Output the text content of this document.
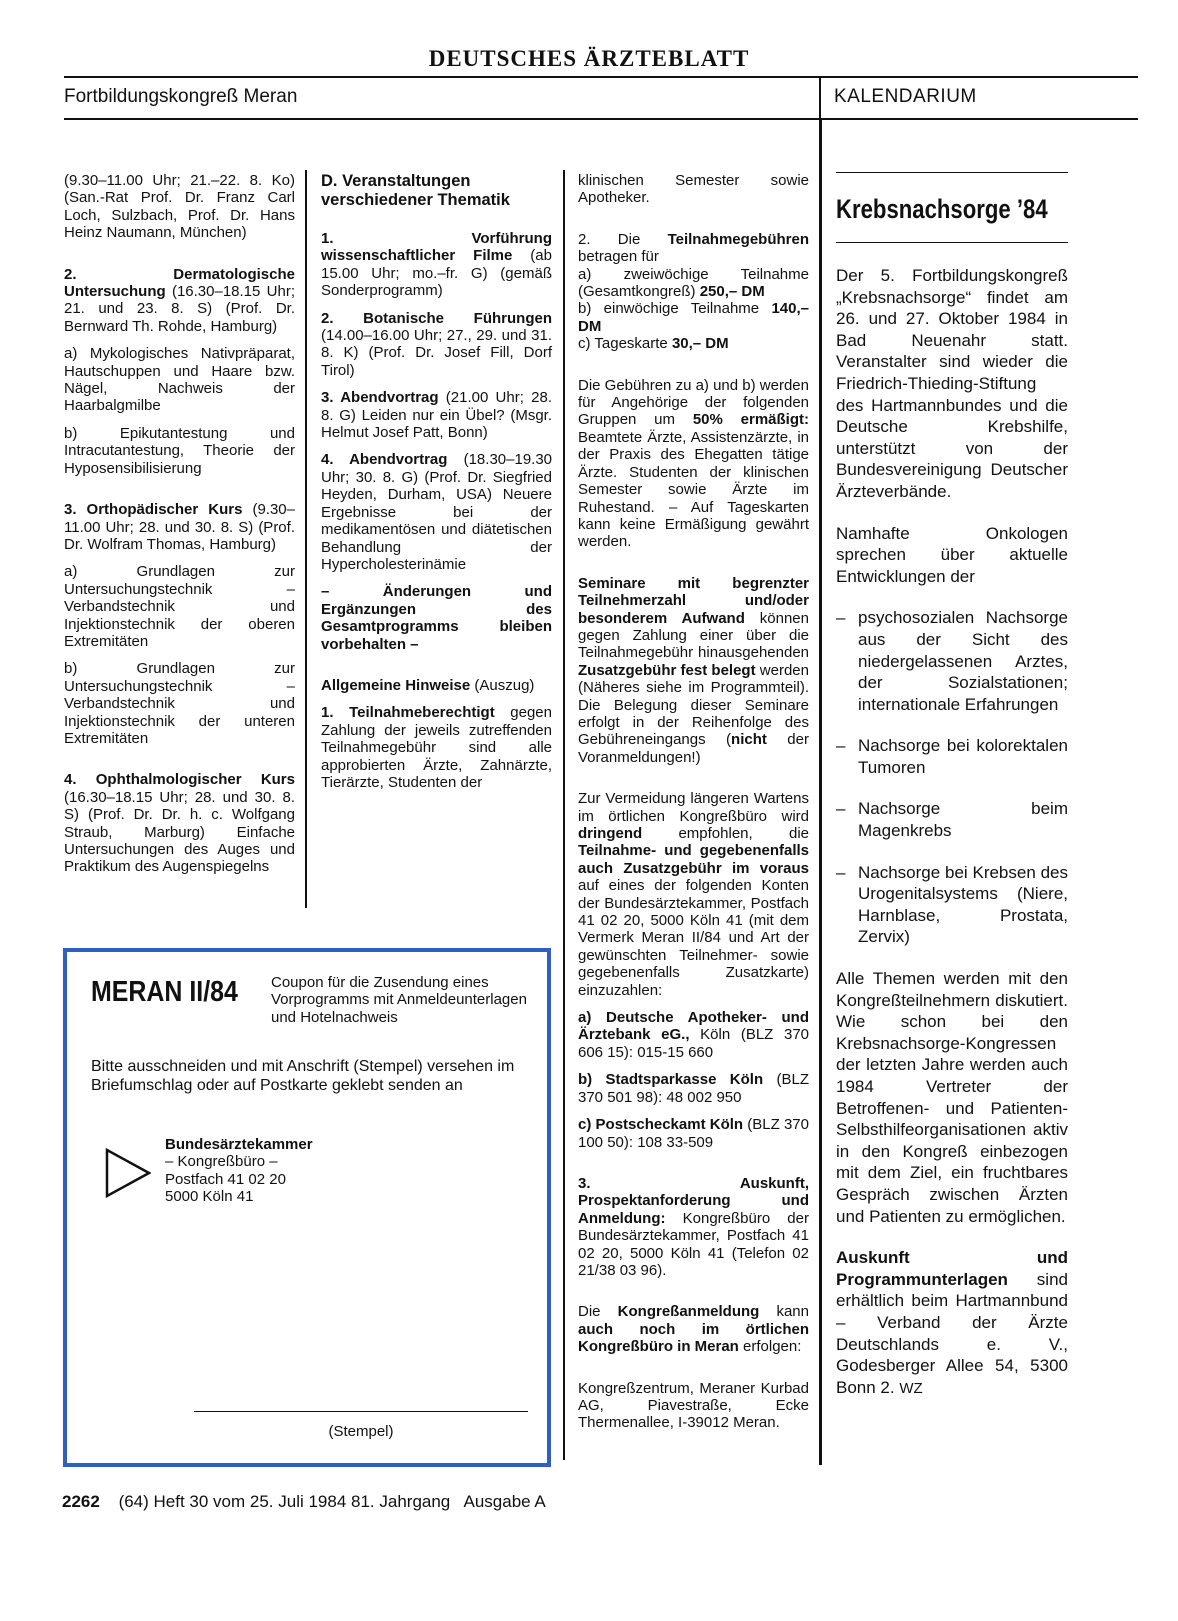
DEUTSCHES ÄRZTEBLATT
Fortbildungskongreß Meran	KALENDARIUM

(9.30–11.00 Uhr; 21.–22. 8. Ko) (San.-Rat Prof. Dr. Franz Carl Loch, Sulzbach, Prof. Dr. Hans Heinz Naumann, München)

2. Dermatologische Untersuchung (16.30–18.15 Uhr; 21. und 23. 8. S) (Prof. Dr. Bernward Th. Rohde, Hamburg)

a) Mykologisches Nativpräparat, Hautschuppen und Haare bzw. Nägel, Nachweis der Haarbalgmilbe

b) Epikutantestung und Intracutantestung, Theorie der Hyposensibilisierung

3. Orthopädischer Kurs (9.30–11.00 Uhr; 28. und 30. 8. S) (Prof. Dr. Wolfram Thomas, Hamburg)

a) Grundlagen zur Untersuchungstechnik – Verbandstechnik und Injektionstechnik der oberen Extremitäten

b) Grundlagen zur Untersuchungstechnik – Verbandstechnik und Injektionstechnik der unteren Extremitäten

4. Ophthalmologischer Kurs (16.30–18.15 Uhr; 28. und 30. 8. S) (Prof. Dr. Dr. h. c. Wolfgang Straub, Marburg) Einfache Untersuchungen des Auges und Praktikum des Augenspiegelns

D. Veranstaltungen verschiedener Thematik

1. Vorführung wissenschaftlicher Filme (ab 15.00 Uhr; mo.–fr. G) (gemäß Sonderprogramm)

2. Botanische Führungen (14.00–16.00 Uhr; 27., 29. und 31. 8. K) (Prof. Dr. Josef Fill, Dorf Tirol)

3. Abendvortrag (21.00 Uhr; 28. 8. G) Leiden nur ein Übel? (Msgr. Helmut Josef Patt, Bonn)

4. Abendvortrag (18.30–19.30 Uhr; 30. 8. G) (Prof. Dr. Siegfried Heyden, Durham, USA) Neuere Ergebnisse bei der medikamentösen und diätetischen Behandlung der Hypercholesterinämie

– Änderungen und Ergänzungen des Gesamtprogramms bleiben vorbehalten –

Allgemeine Hinweise (Auszug)

1. Teilnahmeberechtigt gegen Zahlung der jeweils zutreffenden Teilnahmegebühr sind alle approbierten Ärzte, Zahnärzte, Tierärzte, Studenten der

klinischen Semester sowie Apotheker.

2. Die Teilnahmegebühren betragen für

a) zweiwöchige Teilnahme (Gesamtkongreß) 250,– DM

b) einwöchige Teilnahme 140,– DM

c) Tageskarte 30,– DM

Die Gebühren zu a) und b) werden für Angehörige der folgenden Gruppen um 50% ermäßigt: Beamtete Ärzte, Assistenzärzte, in der Praxis des Ehegatten tätige Ärzte. Studenten der klinischen Semester sowie Ärzte im Ruhestand. – Auf Tageskarten kann keine Ermäßigung gewährt werden.

Seminare mit begrenzter Teilnehmerzahl und/oder besonderem Aufwand können gegen Zahlung einer über die Teilnahmegebühr hinausgehenden Zusatzgebühr fest belegt werden (Näheres siehe im Programmteil). Die Belegung dieser Seminare erfolgt in der Reihenfolge des Gebühreneingangs (nicht der Voranmeldungen!)

Zur Vermeidung längeren Wartens im örtlichen Kongreßbüro wird dringend empfohlen, die Teilnahme- und gegebenenfalls auch Zusatzgebühr im voraus auf eines der folgenden Konten der Bundesärztekammer, Postfach 41 02 20, 5000 Köln 41 (mit dem Vermerk Meran II/84 und Art der gewünschten Teilnehmer- sowie gegebenenfalls Zusatzkarte) einzuzahlen:

a) Deutsche Apotheker- und Ärztebank eG., Köln (BLZ 370 606 15): 015-15 660

b) Stadtsparkasse Köln (BLZ 370 501 98): 48 002 950

c) Postscheckamt Köln (BLZ 370 100 50): 108 33-509

3. Auskunft, Prospektanforderung und Anmeldung: Kongreßbüro der Bundesärztekammer, Postfach 41 02 20, 5000 Köln 41 (Telefon 02 21/38 03 96).

Die Kongreßanmeldung kann auch noch im örtlichen Kongreßbüro in Meran erfolgen:

Kongreßzentrum, Meraner Kurbad AG, Piavestraße, Ecke Thermenallee, I-39012 Meran.

MERAN II/84 Coupon für die Zusendung eines Vorprogramms mit Anmeldeunterlagen und Hotelnachweis
Bitte ausschneiden und mit Anschrift (Stempel) versehen im Briefumschlag oder auf Postkarte geklebt senden an
Bundesärztekammer
– Kongreßbüro –
Postfach 41 02 20
5000 Köln 41
(Stempel)
Krebsnachsorge ’84

Der 5. Fortbildungskongreß „Krebsnachsorge“ findet am 26. und 27. Oktober 1984 in Bad Neuenahr statt. Veranstalter sind wieder die Friedrich-Thieding-Stiftung des Hartmannbundes und die Deutsche Krebshilfe, unterstützt von der Bundesvereinigung Deutscher Ärzteverbände.

Namhafte Onkologen sprechen über aktuelle Entwicklungen der

– psychosozialen Nachsorge aus der Sicht des niedergelassenen Arztes, der Sozialstationen; internationale Erfahrungen
– Nachsorge bei kolorektalen Tumoren
– Nachsorge beim Magenkrebs
– Nachsorge bei Krebsen des Urogenitalsystems (Niere, Harnblase, Prostata, Zervix)

Alle Themen werden mit den Kongreßteilnehmern diskutiert. Wie schon bei den Krebsnachsorge-Kongressen der letzten Jahre werden auch 1984 Vertreter der Betroffenen- und Patienten-Selbsthilfeorganisationen aktiv in den Kongreß einbezogen mit dem Ziel, ein fruchtbares Gespräch zwischen Ärzten und Patienten zu ermöglichen.

Auskunft und Programmunterlagen sind erhältlich beim Hartmannbund – Verband der Ärzte Deutschlands e. V., Godesberger Allee 54, 5300 Bonn 2. WZ

2262 (64) Heft 30 vom 25. Juli 1984 81. Jahrgang   Ausgabe A
